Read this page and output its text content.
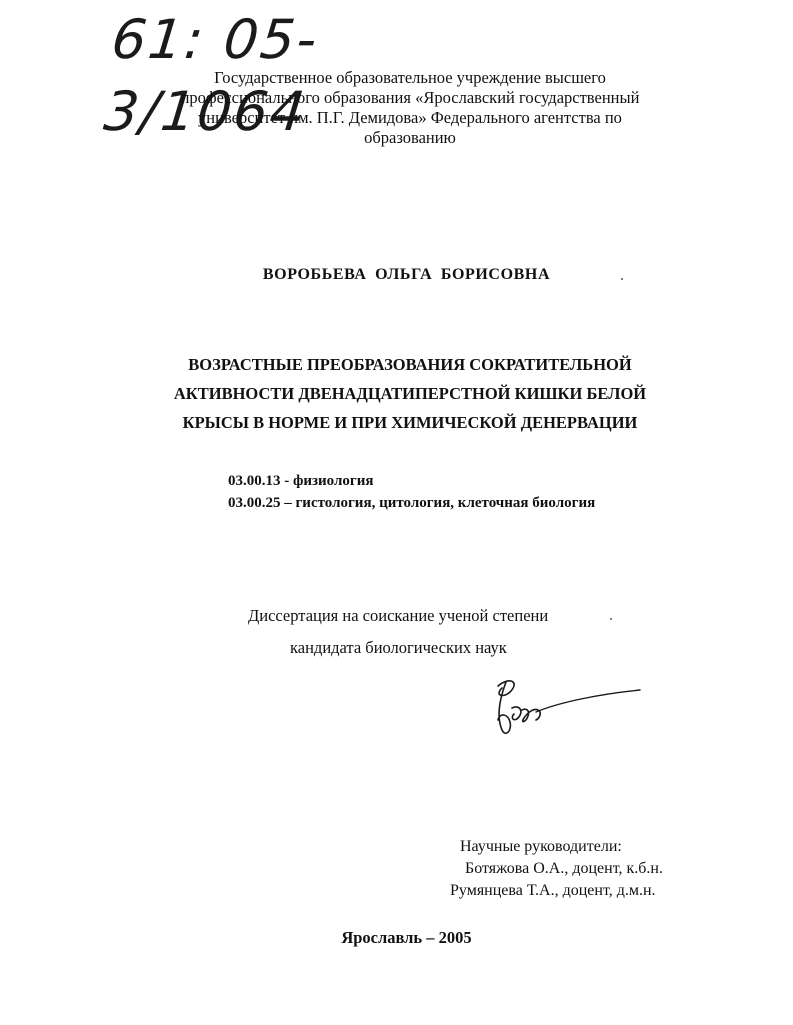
61: 05-3/1064
Государственное образовательное учреждение высшего
профессионального образования «Ярославский государственный
университет им. П.Г. Демидова» Федерального агентства по
образованию
ВОРОБЬЕВА ОЛЬГА БОРИСОВНА
ВОЗРАСТНЫЕ ПРЕОБРАЗОВАНИЯ СОКРАТИТЕЛЬНОЙ
АКТИВНОСТИ ДВЕНАДЦАТИПЕРСТНОЙ КИШКИ БЕЛОЙ
КРЫСЫ В НОРМЕ И ПРИ ХИМИЧЕСКОЙ ДЕНЕРВАЦИИ
03.00.13 - физиология
03.00.25 – гистология, цитология, клеточная биология
Диссертация на соискание ученой степени
кандидата биологических наук
Научные руководители:
Ботяжова О.А., доцент, к.б.н.
Румянцева Т.А., доцент, д.м.н.
Ярославль – 2005
